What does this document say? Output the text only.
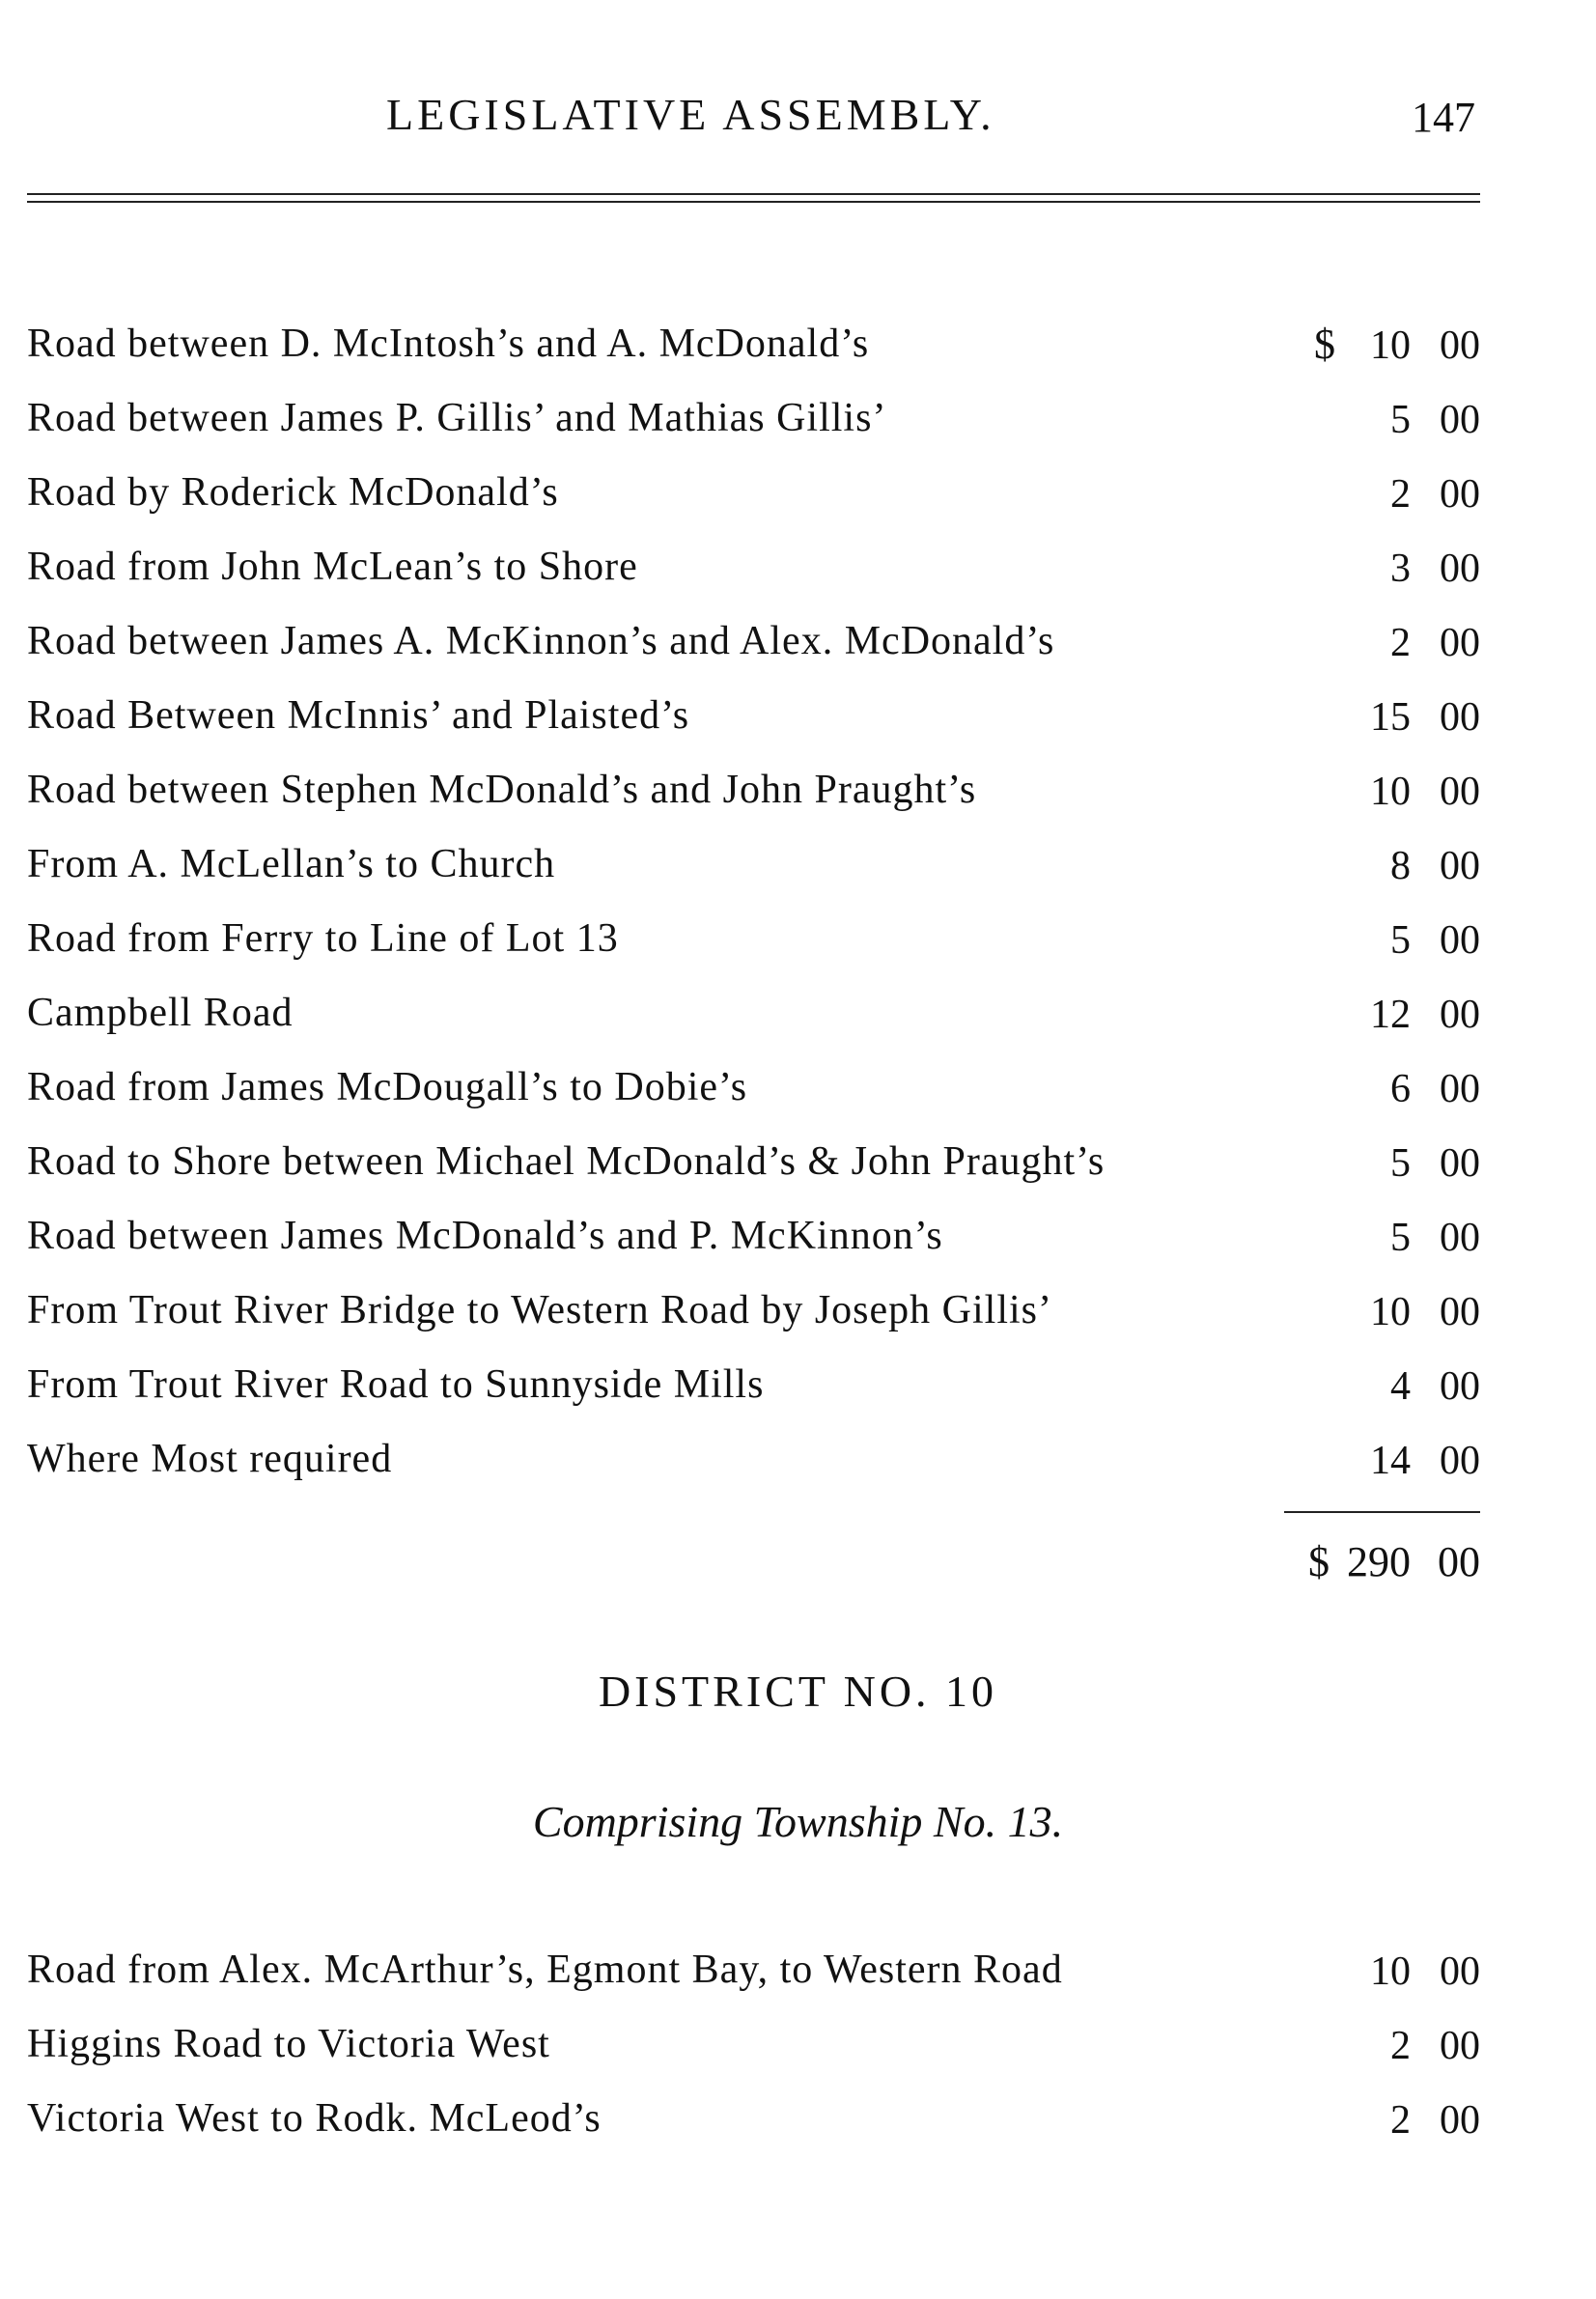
LEGISLATIVE ASSEMBLY.	147
Road between D. McIntosh’s and A. McDonald’s	$ 10 00
Road between James P. Gillis’ and Mathias Gillis’	5 00
Road by Roderick McDonald’s	2 00
Road from John McLean’s to Shore	3 00
Road between James A. McKinnon’s and Alex. McDonald’s	2 00
Road Between McInnis’ and Plaisted’s	15 00
Road between Stephen McDonald’s and John Praught’s	10 00
From A. McLellan’s to Church	8 00
Road from Ferry to Line of Lot 13	5 00
Campbell Road	12 00
Road from James McDougall’s to Dobie’s	6 00
Road to Shore between Michael McDonald’s & John Praught’s	5 00
Road between James McDonald’s and P. McKinnon’s	5 00
From Trout River Bridge to Western Road by Joseph Gillis’	10 00
From Trout River Road to Sunnyside Mills	4 00
Where Most required	14 00
$ 290 00
DISTRICT NO. 10
Comprising Township No. 13.
Road from Alex. McArthur’s, Egmont Bay, to Western Road	10 00
Higgins Road to Victoria West	2 00
Victoria West to Rodk. McLeod’s	2 00
